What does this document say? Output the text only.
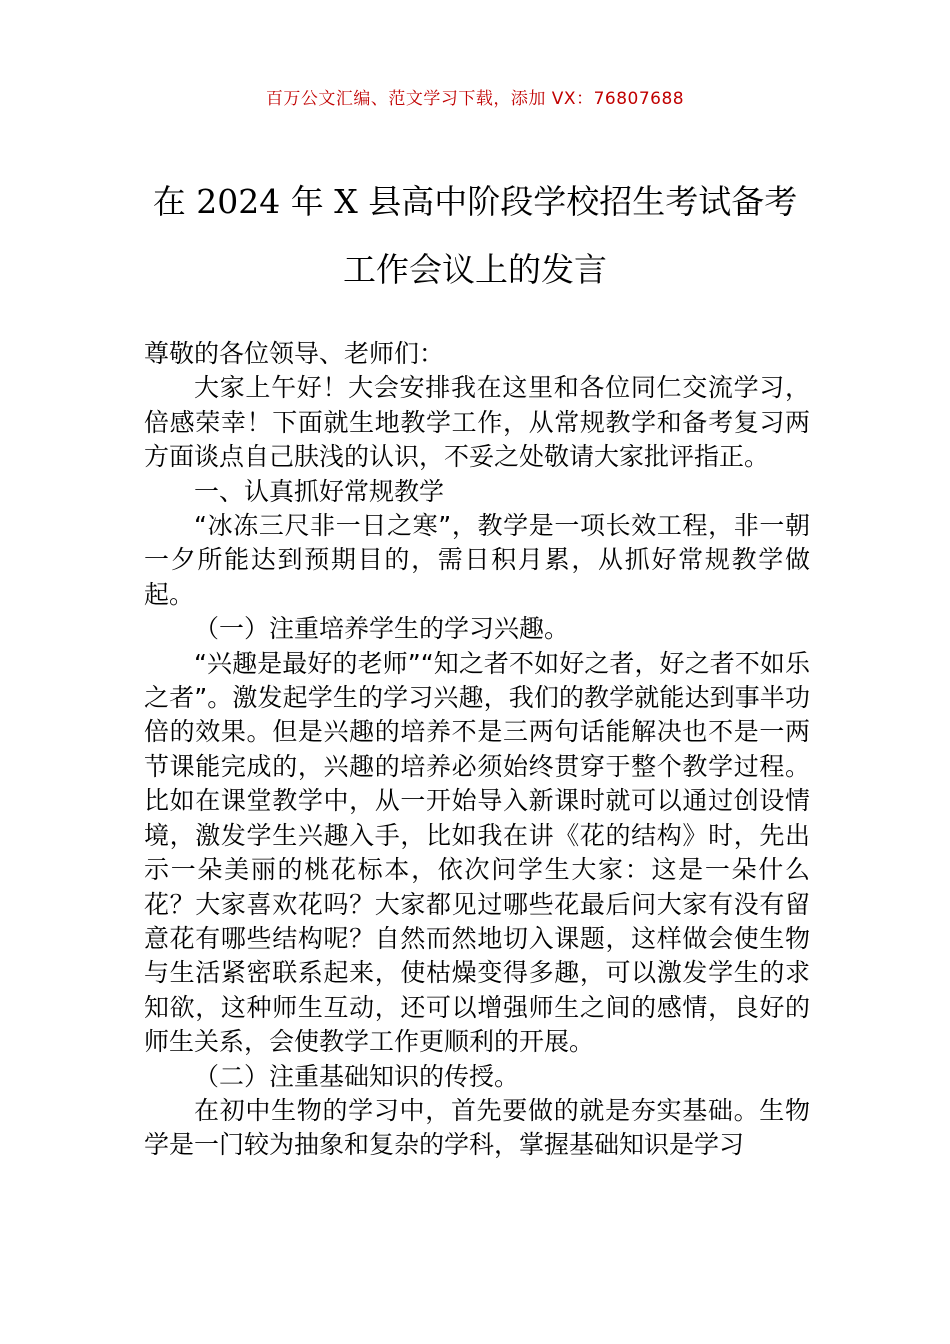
百万公文汇编、范文学习下载，添加 VX：76807688
在 2024 年 X 县高中阶段学校招生考试备考
工作会议上的发言

尊敬的各位领导、老师们：

大家上午好！大会安排我在这里和各位同仁交流学习，倍感荣幸！下面就生地教学工作，从常规教学和备考复习两方面谈点自己肤浅的认识，不妥之处敬请大家批评指正。

一、认真抓好常规教学

“冰冻三尺非一日之寒”，教学是一项长效工程，非一朝一夕所能达到预期目的，需日积月累，从抓好常规教学做起。

（一）注重培养学生的学习兴趣。

“兴趣是最好的老师”“知之者不如好之者，好之者不如乐之者”。激发起学生的学习兴趣，我们的教学就能达到事半功倍的效果。但是兴趣的培养不是三两句话能解决也不是一两节课能完成的，兴趣的培养必须始终贯穿于整个教学过程。比如在课堂教学中，从一开始导入新课时就可以通过创设情境，激发学生兴趣入手，比如我在讲《花的结构》时，先出示一朵美丽的桃花标本，依次问学生大家：这是一朵什么花？大家喜欢花吗？大家都见过哪些花最后问大家有没有留意花有哪些结构呢？自然而然地切入课题，这样做会使生物与生活紧密联系起来，使枯燥变得多趣，可以激发学生的求知欲，这种师生互动，还可以增强师生之间的感情，良好的师生关系，会使教学工作更顺利的开展。

（二）注重基础知识的传授。

在初中生物的学习中，首先要做的就是夯实基础。生物学是一门较为抽象和复杂的学科，掌握基础知识是学习
